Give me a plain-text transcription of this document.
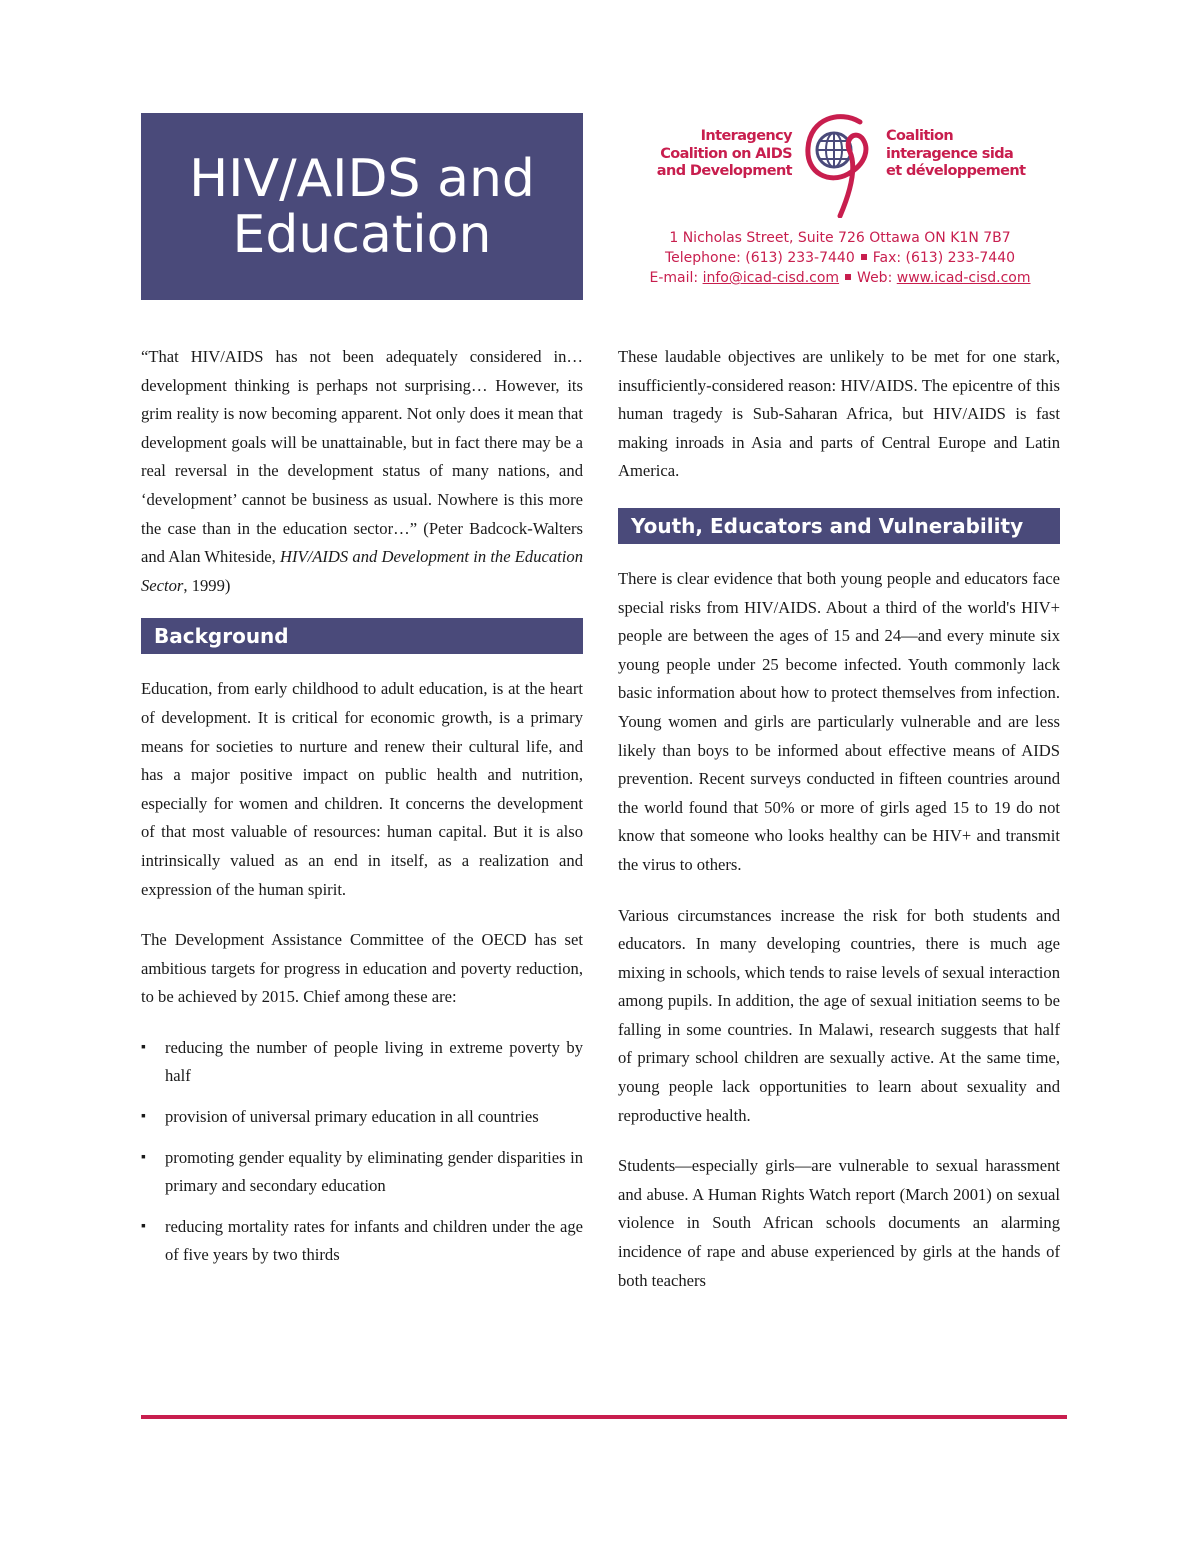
HIV/AIDS and
Education
Interagency
Coalition on AIDS
and Development
Coalition
interagence sida
et développement
1 Nicholas Street, Suite 726 Ottawa ON K1N 7B7
Telephone: (613) 233-7440 Fax: (613) 233-7440
E-mail: info@icad-cisd.com Web: www.icad-cisd.com

“That HIV/AIDS has not been adequately considered in… development thinking is perhaps not surprising… However, its grim reality is now becoming apparent. Not only does it mean that development goals will be unattainable, but in fact there may be a real reversal in the development status of many nations, and ‘development’ cannot be business as usual. Nowhere is this more the case than in the education sector…” (Peter Badcock-Walters and Alan Whiteside, HIV/AIDS and Development in the Education Sector, 1999)

Background

Education, from early childhood to adult education, is at the heart of development. It is critical for economic growth, is a primary means for societies to nurture and renew their cultural life, and has a major positive impact on public health and nutrition, especially for women and children. It concerns the development of that most valuable of resources: human capital. But it is also intrinsically valued as an end in itself, as a realization and expression of the human spirit.

The Development Assistance Committee of the OECD has set ambitious targets for progress in education and poverty reduction, to be achieved by 2015. Chief among these are:

▪	reducing the number of people living in extreme poverty by half
▪	provision of universal primary education in all countries
▪	promoting gender equality by eliminating gender disparities in primary and secondary education
▪	reducing mortality rates for infants and children under the age of five years by two thirds

These laudable objectives are unlikely to be met for one stark, insufficiently-considered reason: HIV/AIDS. The epicentre of this human tragedy is Sub-Saharan Africa, but HIV/AIDS is fast making inroads in Asia and parts of Central Europe and Latin America.

Youth, Educators and Vulnerability

There is clear evidence that both young people and educators face special risks from HIV/AIDS. About a third of the world's HIV+ people are between the ages of 15 and 24—and every minute six young people under 25 become infected. Youth commonly lack basic information about how to protect themselves from infection. Young women and girls are particularly vulnerable and are less likely than boys to be informed about effective means of AIDS prevention. Recent surveys conducted in fifteen countries around the world found that 50% or more of girls aged 15 to 19 do not know that someone who looks healthy can be HIV+ and transmit the virus to others.

Various circumstances increase the risk for both students and educators. In many developing countries, there is much age mixing in schools, which tends to raise levels of sexual interaction among pupils. In addition, the age of sexual initiation seems to be falling in some countries. In Malawi, research suggests that half of primary school children are sexually active. At the same time, young people lack opportunities to learn about sexuality and reproductive health.

Students—especially girls—are vulnerable to sexual harassment and abuse. A Human Rights Watch report (March 2001) on sexual violence in South African schools documents an alarming incidence of rape and abuse experienced by girls at the hands of both teachers
